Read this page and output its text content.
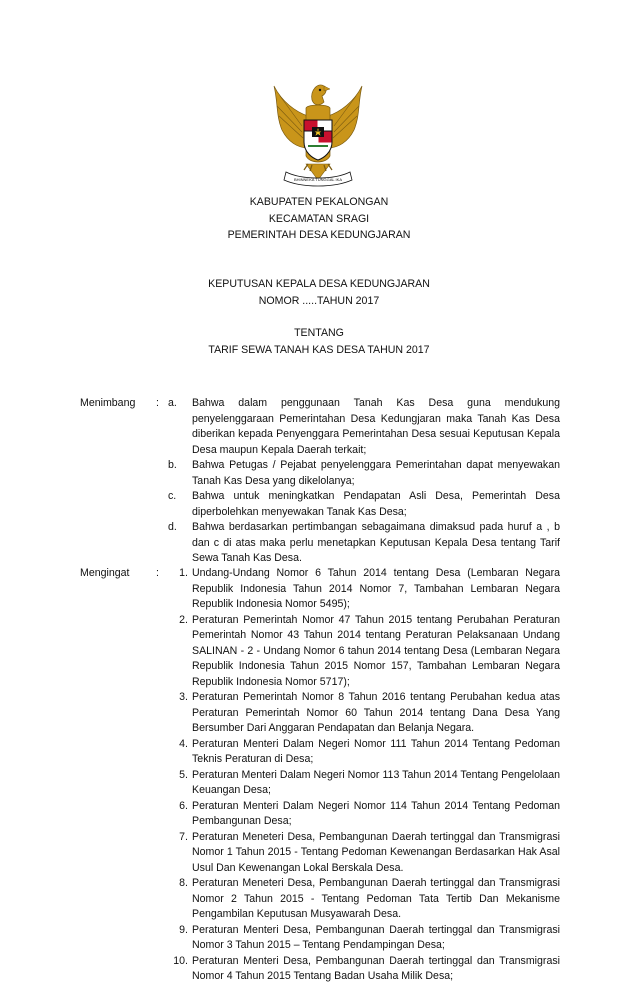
BHINNEKA TUNGGAL IKA
KABUPATEN PEKALONGAN
KECAMATAN SRAGI
PEMERINTAH DESA KEDUNGJARAN
KEPUTUSAN KEPALA DESA KEDUNGJARAN
NOMOR .....TAHUN 2017
TENTANG
TARIF SEWA TANAH KAS DESA TAHUN 2017
Menimbang : a.	Bahwa dalam penggunaan Tanah Kas Desa guna mendukung penyelenggaraan Pemerintahan Desa Kedungjaran maka Tanah Kas Desa diberikan kepada Penyenggara Pemerintahan Desa sesuai Keputusan Kepala Desa maupun Kepala Daerah terkait;
b.	Bahwa Petugas / Pejabat penyelenggara Pemerintahan dapat menyewakan Tanah Kas Desa yang dikelolanya;
c.	Bahwa untuk meningkatkan Pendapatan Asli Desa, Pemerintah Desa diperbolehkan menyewakan Tanak Kas Desa;
d.	Bahwa berdasarkan pertimbangan sebagaimana dimaksud pada huruf a , b dan c di atas maka perlu menetapkan Keputusan Kepala Desa tentang Tarif Sewa Tanah Kas Desa.
Mengingat	:	1. Undang-Undang Nomor 6 Tahun 2014 tentang Desa (Lembaran Negara Republik Indonesia Tahun 2014 Nomor 7, Tambahan Lembaran Negara Republik Indonesia Nomor 5495);
2. Peraturan Pemerintah Nomor 47 Tahun 2015 tentang Perubahan Peraturan Pemerintah Nomor 43 Tahun 2014 tentang Peraturan Pelaksanaan Undang SALINAN - 2 - Undang Nomor 6 tahun 2014 tentang Desa (Lembaran Negara Republik Indonesia Tahun 2015 Nomor 157, Tambahan Lembaran Negara Republik Indonesia Nomor 5717);
3. Peraturan Pemerintah Nomor 8 Tahun 2016 tentang Perubahan kedua atas Peraturan Pemerintah Nomor 60 Tahun 2014 tentang Dana Desa Yang Bersumber Dari Anggaran Pendapatan dan Belanja Negara.
4. Peraturan Menteri Dalam Negeri Nomor 111 Tahun 2014 Tentang Pedoman Teknis Peraturan di Desa;
5. Peraturan Menteri Dalam Negeri Nomor 113 Tahun 2014 Tentang Pengelolaan Keuangan Desa;
6. Peraturan Menteri Dalam Negeri Nomor 114 Tahun 2014 Tentang Pedoman Pembangunan Desa;
7. Peraturan Meneteri Desa, Pembangunan Daerah tertinggal dan Transmigrasi Nomor 1 Tahun 2015 - Tentang Pedoman Kewenangan Berdasarkan Hak Asal Usul Dan Kewenangan Lokal Berskala Desa.
8. Peraturan Meneteri Desa, Pembangunan Daerah tertinggal dan Transmigrasi Nomor 2 Tahun 2015 - Tentang Pedoman Tata Tertib Dan Mekanisme Pengambilan Keputusan Musyawarah Desa.
9. Peraturan Menteri Desa, Pembangunan Daerah tertinggal dan Transmigrasi Nomor 3 Tahun 2015 – Tentang Pendampingan Desa;
10. Peraturan Menteri Desa, Pembangunan Daerah tertinggal dan Transmigrasi Nomor 4 Tahun 2015 Tentang Badan Usaha Milik Desa;
